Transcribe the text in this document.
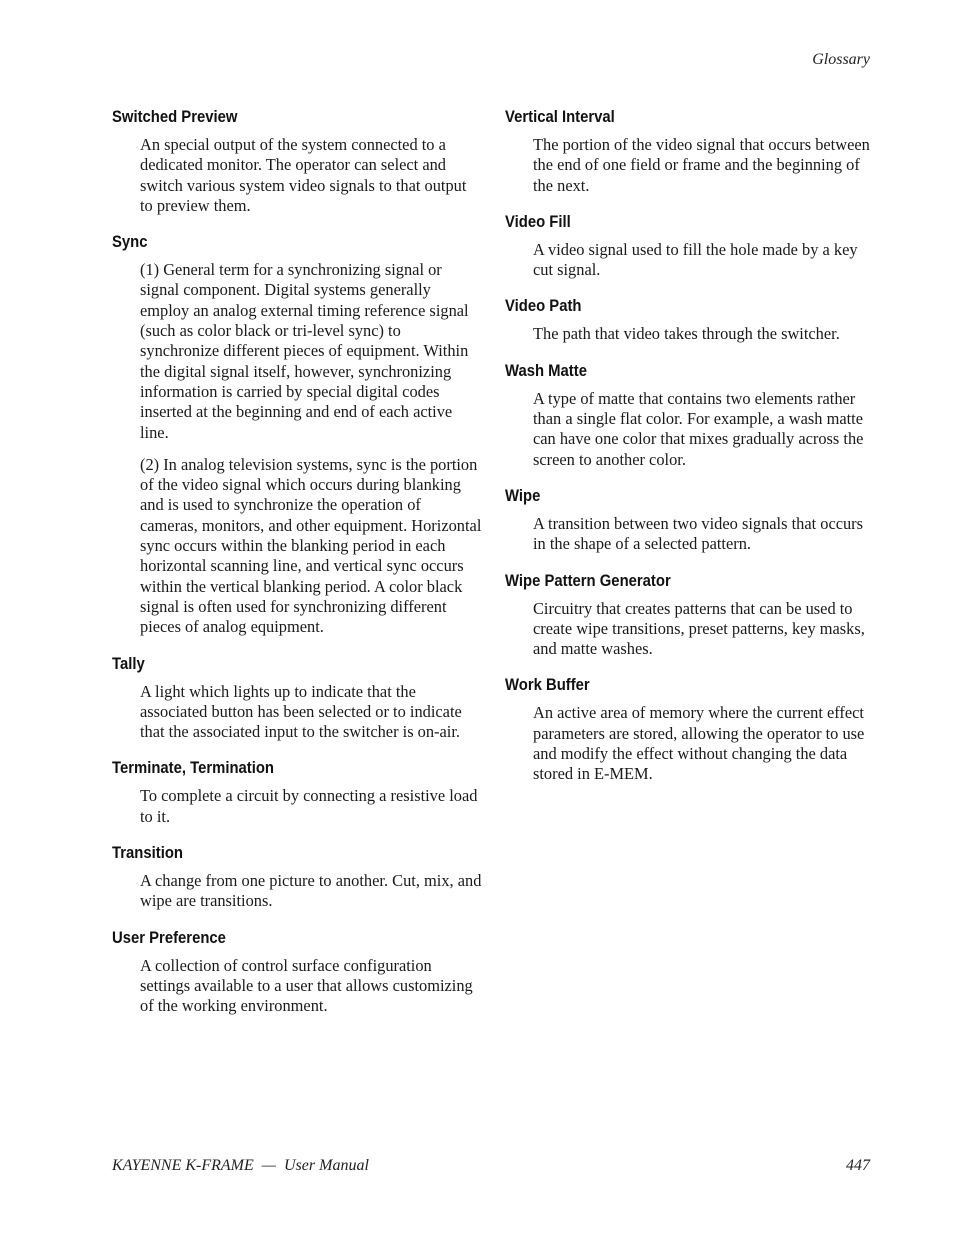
Glossary
Switched Preview

An special output of the system connected to a dedicated monitor. The operator can select and switch various system video signals to that output to preview them.

Sync

(1) General term for a synchronizing signal or signal component. Digital systems generally employ an analog external timing reference signal (such as color black or tri-level sync) to synchronize different pieces of equipment. Within the digital signal itself, however, synchronizing information is carried by special digital codes inserted at the beginning and end of each active line.

(2) In analog television systems, sync is the portion of the video signal which occurs during blanking and is used to synchronize the operation of cameras, monitors, and other equipment. Horizontal sync occurs within the blanking period in each horizontal scanning line, and vertical sync occurs within the vertical blanking period. A color black signal is often used for synchronizing different pieces of analog equipment.

Tally

A light which lights up to indicate that the associated button has been selected or to indicate that the associated input to the switcher is on-air.

Terminate, Termination

To complete a circuit by connecting a resistive load to it.

Transition

A change from one picture to another. Cut, mix, and wipe are transitions.

User Preference

A collection of control surface configuration settings available to a user that allows customizing of the working environment.

Vertical Interval

The portion of the video signal that occurs between the end of one field or frame and the beginning of the next.

Video Fill

A video signal used to fill the hole made by a key cut signal.

Video Path

The path that video takes through the switcher.

Wash Matte

A type of matte that contains two elements rather than a single flat color. For example, a wash matte can have one color that mixes gradually across the screen to another color.

Wipe

A transition between two video signals that occurs in the shape of a selected pattern.

Wipe Pattern Generator

Circuitry that creates patterns that can be used to create wipe transitions, preset patterns, key masks, and matte washes.

Work Buffer

An active area of memory where the current effect parameters are stored, allowing the operator to use and modify the effect without changing the data stored in E-MEM.

KAYENNE K-FRAME  —  User Manual	447
